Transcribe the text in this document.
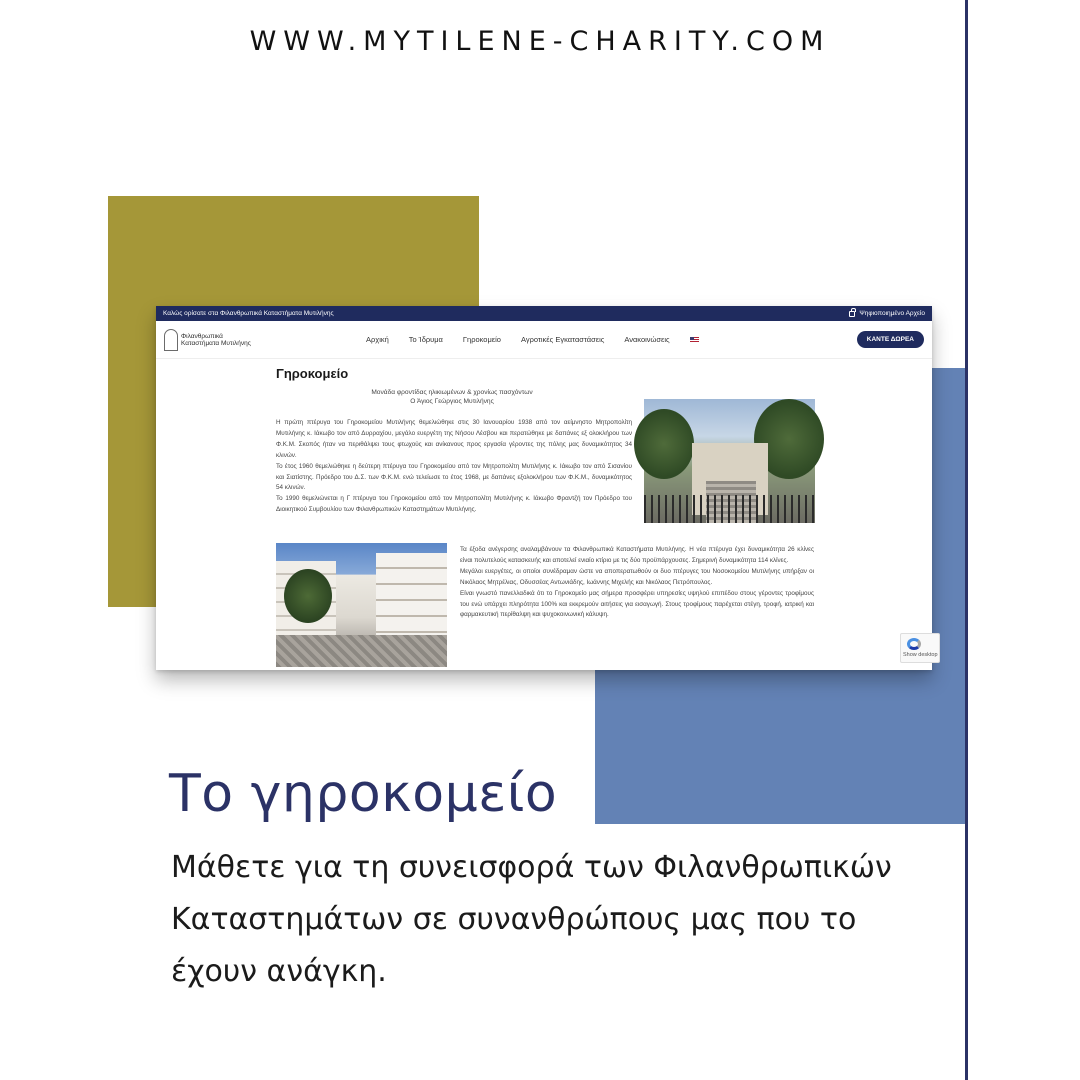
WWW.MYTILENE-CHARITY.COM
Καλώς ορίσατε στα Φιλανθρωπικά Καταστήματα Μυτιλήνης	Ψηφιοποιημένο Αρχείο
Φιλανθρωπικά Καταστήματα Μυτιλήνης	Αρχική	Το Ίδρυμα	Γηροκομείο	Αγροτικές Εγκαταστάσεις	Ανακοινώσεις	ΚΑΝΤΕ ΔΩΡΕΑ
Γηροκομείο
Μονάδα φροντίδας ηλικιωμένων & χρονίως πασχόντων
Ο Άγιος Γεώργιος Μυτιλήνης

Η πρώτη πτέρυγα του Γηροκομείου Μυτιλήνης θεμελιώθηκε στις 30 Ιανουαρίου 1938 από τον αείμνηστο Μητροπολίτη Μυτιλήνης κ. Ιάκωβο τον από Δυρραχίου, μεγάλο ευεργέτη της Νήσου Λέσβου και περατώθηκε με δαπάνες εξ ολοκλήρου των Φ.Κ.Μ. Σκοπός ήταν να περιθάλψει τους φτωχούς και ανίκανους προς εργασία γέροντες της πόλης μας δυναμικότητος 34 κλινών.

Το έτος 1960 θεμελιώθηκε η δεύτερη πτέρυγα του Γηροκομείου από τον Μητροπολίτη Μυτιλήνης κ. Ιάκωβο τον από Σισανίου και Σιατίστης. Πρόεδρο του Δ.Σ. των Φ.Κ.Μ. ενώ τελείωσε το έτος 1968, με δαπάνες εξολοκλήρου των Φ.Κ.Μ., δυναμικότητος 54 κλινών.

Το 1990 θεμελιώνεται η Γ πτέρυγα του Γηροκομείου από τον Μητροπολίτη Μυτιλήνης κ. Ιάκωβο Φραντζή τον Πρόεδρο του Διοικητικού Συμβουλίου των Φιλανθρωπικών Καταστημάτων Μυτιλήνης.

Τα έξοδα ανέγερσης αναλαμβάνουν τα Φιλανθρωπικά Καταστήματα Μυτιλήνης. Η νέα πτέρυγα έχει δυναμικότητα 26 κλίνες είναι πολυτελούς κατασκευής και αποτελεί ενιαίο κτίριο με τις δύο προϋπάρχουσες. Σημερινή δυναμικότητα 114 κλίνες.

Μεγάλοι ευεργέτες, οι οποίοι συνέδραμαν ώστε να αποπερατωθούν οι δυο πτέρυγες του Νοσοκομείου Μυτιλήνης υπήρξαν οι Νικόλαος Μητρέλιας, Οδυσσέας Αντωνιάδης, Ιωάννης Μιχελής και Νικόλαος Πετρόπουλος.

Είναι γνωστό πανελλαδικά ότι το Γηροκομείο μας σήμερα προσφέρει υπηρεσίες υψηλού επιπέδου στους γέροντες τροφίμους του ενώ υπάρχει πληρότητα 100% και εκκρεμούν αιτήσεις για εισαγωγή. Στους τροφίμους παρέχεται στέγη, τροφή, ιατρική και φαρμακευτική περίθαλψη και ψυχοκοινωνική κάλυψη.

Show desktop
Το γηροκομείο

Μάθετε για τη συνεισφορά των Φιλανθρωπικών Καταστημάτων σε συνανθρώπους μας που το έχουν ανάγκη.
